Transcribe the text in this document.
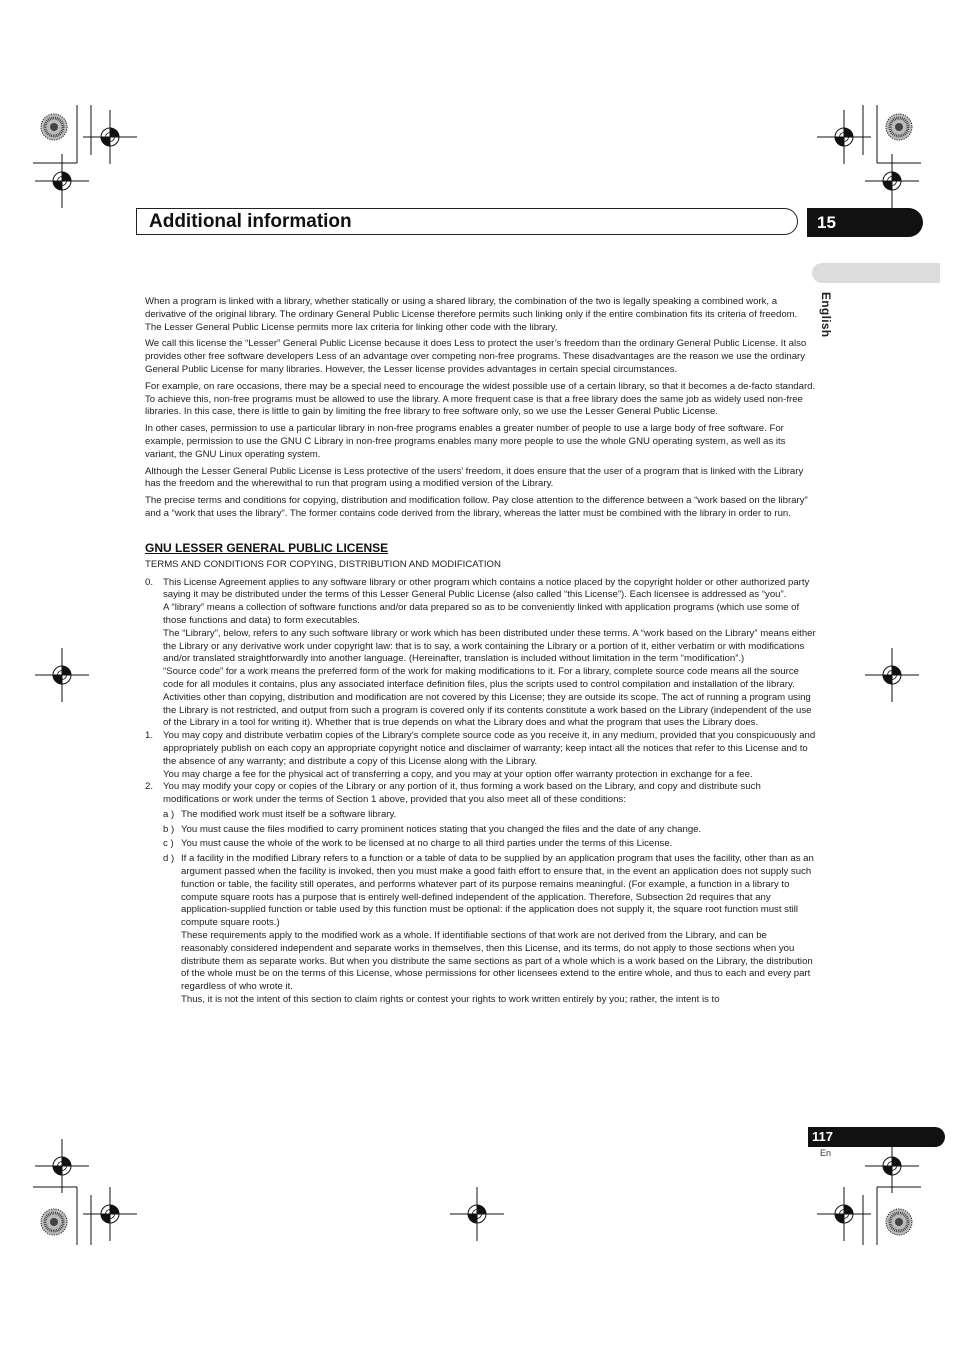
Additional information	15
English

When a program is linked with a library, whether statically or using a shared library, the combination of the two is legally speaking a combined work, a derivative of the original library. The ordinary General Public License therefore permits such linking only if the entire combination fits its criteria of freedom. The Lesser General Public License permits more lax criteria for linking other code with the library.

We call this license the “Lesser” General Public License because it does Less to protect the user’s freedom than the ordinary General Public License. It also provides other free software developers Less of an advantage over competing non-free programs. These disadvantages are the reason we use the ordinary General Public License for many libraries. However, the Lesser license provides advantages in certain special circumstances.

For example, on rare occasions, there may be a special need to encourage the widest possible use of a certain library, so that it becomes a de-facto standard. To achieve this, non-free programs must be allowed to use the library. A more frequent case is that a free library does the same job as widely used non-free libraries. In this case, there is little to gain by limiting the free library to free software only, so we use the Lesser General Public License.

In other cases, permission to use a particular library in non-free programs enables a greater number of people to use a large body of free software. For example, permission to use the GNU C Library in non-free programs enables many more people to use the whole GNU operating system, as well as its variant, the GNU Linux operating system.

Although the Lesser General Public License is Less protective of the users’ freedom, it does ensure that the user of a program that is linked with the Library has the freedom and the wherewithal to run that program using a modified version of the Library.

The precise terms and conditions for copying, distribution and modification follow. Pay close attention to the difference between a “work based on the library” and a “work that uses the library”. The former contains code derived from the library, whereas the latter must be combined with the library in order to run.

GNU LESSER GENERAL PUBLIC LICENSE
TERMS AND CONDITIONS FOR COPYING, DISTRIBUTION AND MODIFICATION
0.	This License Agreement applies to any software library or other program which contains a notice placed by the copyright holder or other authorized party saying it may be distributed under the terms of this Lesser General Public License (also called “this License”). Each licensee is addressed as “you”.

A “library” means a collection of software functions and/or data prepared so as to be conveniently linked with application programs (which use some of those functions and data) to form executables.

The “Library”, below, refers to any such software library or work which has been distributed under these terms. A “work based on the Library” means either the Library or any derivative work under copyright law: that is to say, a work containing the Library or a portion of it, either verbatim or with modifications and/or translated straightforwardly into another language. (Hereinafter, translation is included without limitation in the term “modification”.)

“Source code” for a work means the preferred form of the work for making modifications to it. For a library, complete source code means all the source code for all modules it contains, plus any associated interface definition files, plus the scripts used to control compilation and installation of the library.

Activities other than copying, distribution and modification are not covered by this License; they are outside its scope. The act of running a program using the Library is not restricted, and output from such a program is covered only if its contents constitute a work based on the Library (independent of the use of the Library in a tool for writing it). Whether that is true depends on what the Library does and what the program that uses the Library does.

1.	You may copy and distribute verbatim copies of the Library’s complete source code as you receive it, in any medium, provided that you conspicuously and appropriately publish on each copy an appropriate copyright notice and disclaimer of warranty; keep intact all the notices that refer to this License and to the absence of any warranty; and distribute a copy of this License along with the Library.

You may charge a fee for the physical act of transferring a copy, and you may at your option offer warranty protection in exchange for a fee.

2.	You may modify your copy or copies of the Library or any portion of it, thus forming a work based on the Library, and copy and distribute such modifications or work under the terms of Section 1 above, provided that you also meet all of these conditions:

a ) The modified work must itself be a software library.

b ) You must cause the files modified to carry prominent notices stating that you changed the files and the date of any change.

c ) You must cause the whole of the work to be licensed at no charge to all third parties under the terms of this License.

d ) If a facility in the modified Library refers to a function or a table of data to be supplied by an application program that uses the facility, other than as an argument passed when the facility is invoked, then you must make a good faith effort to ensure that, in the event an application does not supply such function or table, the facility still operates, and performs whatever part of its purpose remains meaningful. (For example, a function in a library to compute square roots has a purpose that is entirely well-defined independent of the application. Therefore, Subsection 2d requires that any application-supplied function or table used by this function must be optional: if the application does not supply it, the square root function must still compute square roots.)

These requirements apply to the modified work as a whole. If identifiable sections of that work are not derived from the Library, and can be reasonably considered independent and separate works in themselves, then this License, and its terms, do not apply to those sections when you distribute them as separate works. But when you distribute the same sections as part of a whole which is a work based on the Library, the distribution of the whole must be on the terms of this License, whose permissions for other licensees extend to the entire whole, and thus to each and every part regardless of who wrote it.

Thus, it is not the intent of this section to claim rights or contest your rights to work written entirely by you; rather, the intent is to

117
En
